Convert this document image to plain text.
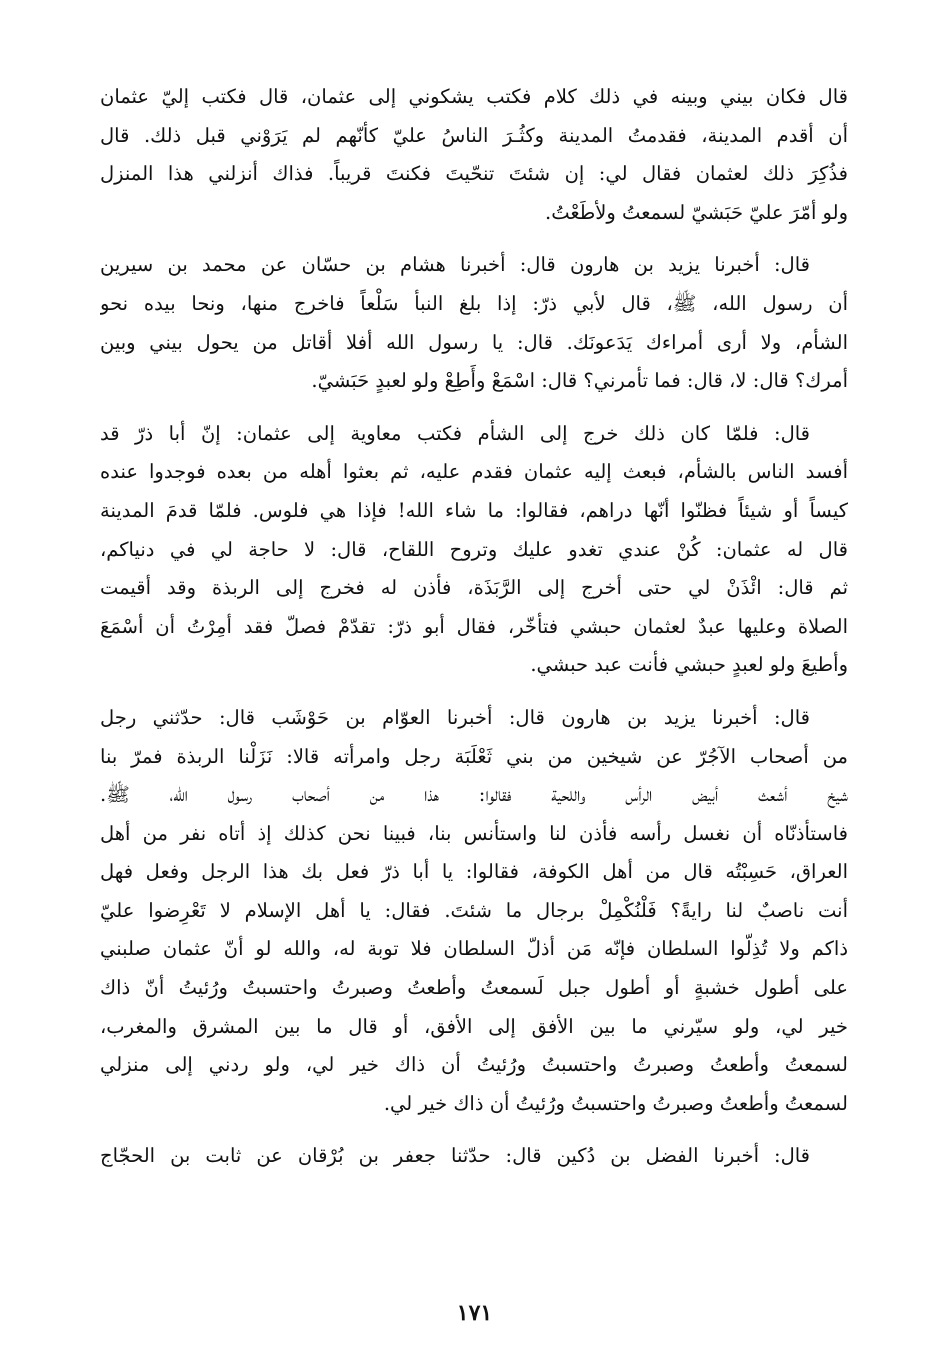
قال فكان بيني وبينه في ذلك كلام فكتب يشكوني إلى عثمان، قال فكتب إليّ عثمان
أن أقدم المدينة، فقدمتُ المدينة وكثُـرَ الناسُ عليّ كأنّهم لم يَرَوْني قبل ذلك. قال
فذُكِرَ ذلك لعثمان فقال لي: إن شئتَ تنحّيتَ فكنتَ قريباً. فذاك أنزلني هذا المنزل
ولو أمّرَ عليّ حَبَشيّ لسمعتُ ولأطَعْتُ.

قال: أخبرنا يزيد بن هارون قال: أخبرنا هشام بن حسّان عن محمد بن سيرين
أن رسول الله، ﷺ، قال لأبي ذرّ: إذا بلغ النبأ سَلْعاً فاخرج منها، ونحا بيده نحو
الشأم، ولا أرى أمراءك يَدَعونَك. قال: يا رسول الله أفلا أقاتل من يحول بيني وبين
أمرك؟ قال: لا، قال: فما تأمرني؟ قال: اسْمَعْ وأَطِعْ ولو لعبدٍ حَبَشيّ.

قال: فلمّا كان ذلك خرج إلى الشأم فكتب معاوية إلى عثمان: إنّ أبا ذرّ قد
أفسد الناس بالشأم، فبعث إليه عثمان فقدم عليه، ثم بعثوا أهله من بعده فوجدوا عنده
كيساً أو شيئاً فظنّوا أنّها دراهم، فقالوا: ما شاء الله! فإذا هي فلوس. فلمّا قدمَ المدينة
قال له عثمان: كُنْ عندي تغدو عليك وتروح اللقاح، قال: لا حاجة لي في دنياكم،
ثم قال: ائْذَنْ لي حتى أخرج إلى الرَّبَذَة، فأذن له فخرج إلى الربذة وقد أقيمت
الصلاة وعليها عبدٌ لعثمان حبشي فتأخّر، فقال أبو ذرّ: تقدّمْ فصلّ فقد أمِرْتُ أن أسْمَعَ
وأطيعَ ولو لعبدٍ حبشي فأنت عبد حبشي.

قال: أخبرنا يزيد بن هارون قال: أخبرنا العوّام بن حَوْشَب قال: حدّثني رجل
من أصحاب الآجُرّ عن شيخين من بني ثَعْلَبَة رجل وامرأته قالا: نَزَلْنا الربذة فمرّ بنا
شيخ أشعث أبيض الرأس واللحية فقالوا: هذا من أصحاب رسول الله، ﷺ.
فاستأذنّاه أن نغسل رأسه فأذن لنا واستأنس بنا، فبينا نحن كذلك إذ أتاه نفر من أهل
العراق، حَسِبْتُه قال من أهل الكوفة، فقالوا: يا أبا ذرّ فعل بك هذا الرجل وفعل فهل
أنت ناصبٌ لنا رايةً؟ فَلْنُكْمِلْ برجال ما شئتَ. فقال: يا أهل الإسلام لا تَعْرِضوا عليّ
ذاكم ولا تُذِلّوا السلطان فإنّه مَن أذلّ السلطان فلا توبة له، والله لو أنّ عثمان صلبني
على أطول خشبةٍ أو أطول جبل لَسمعتُ وأطعتُ وصبرتُ واحتسبتُ ورُئيتُ أنّ ذاك
خير لي، ولو سيّرني ما بين الأفق إلى الأفق، أو قال ما بين المشرق والمغرب،
لسمعتُ وأطعتُ وصبرتُ واحتسبتُ ورُئيتُ أن ذاك خير لي، ولو ردني إلى منزلي
لسمعتُ وأطعتُ وصبرتُ واحتسبتُ ورُئيتُ أن ذاك خير لي.

قال: أخبرنا الفضل بن دُكين قال: حدّثنا جعفر بن بُرْقان عن ثابت بن الحجّاج

١٧١
